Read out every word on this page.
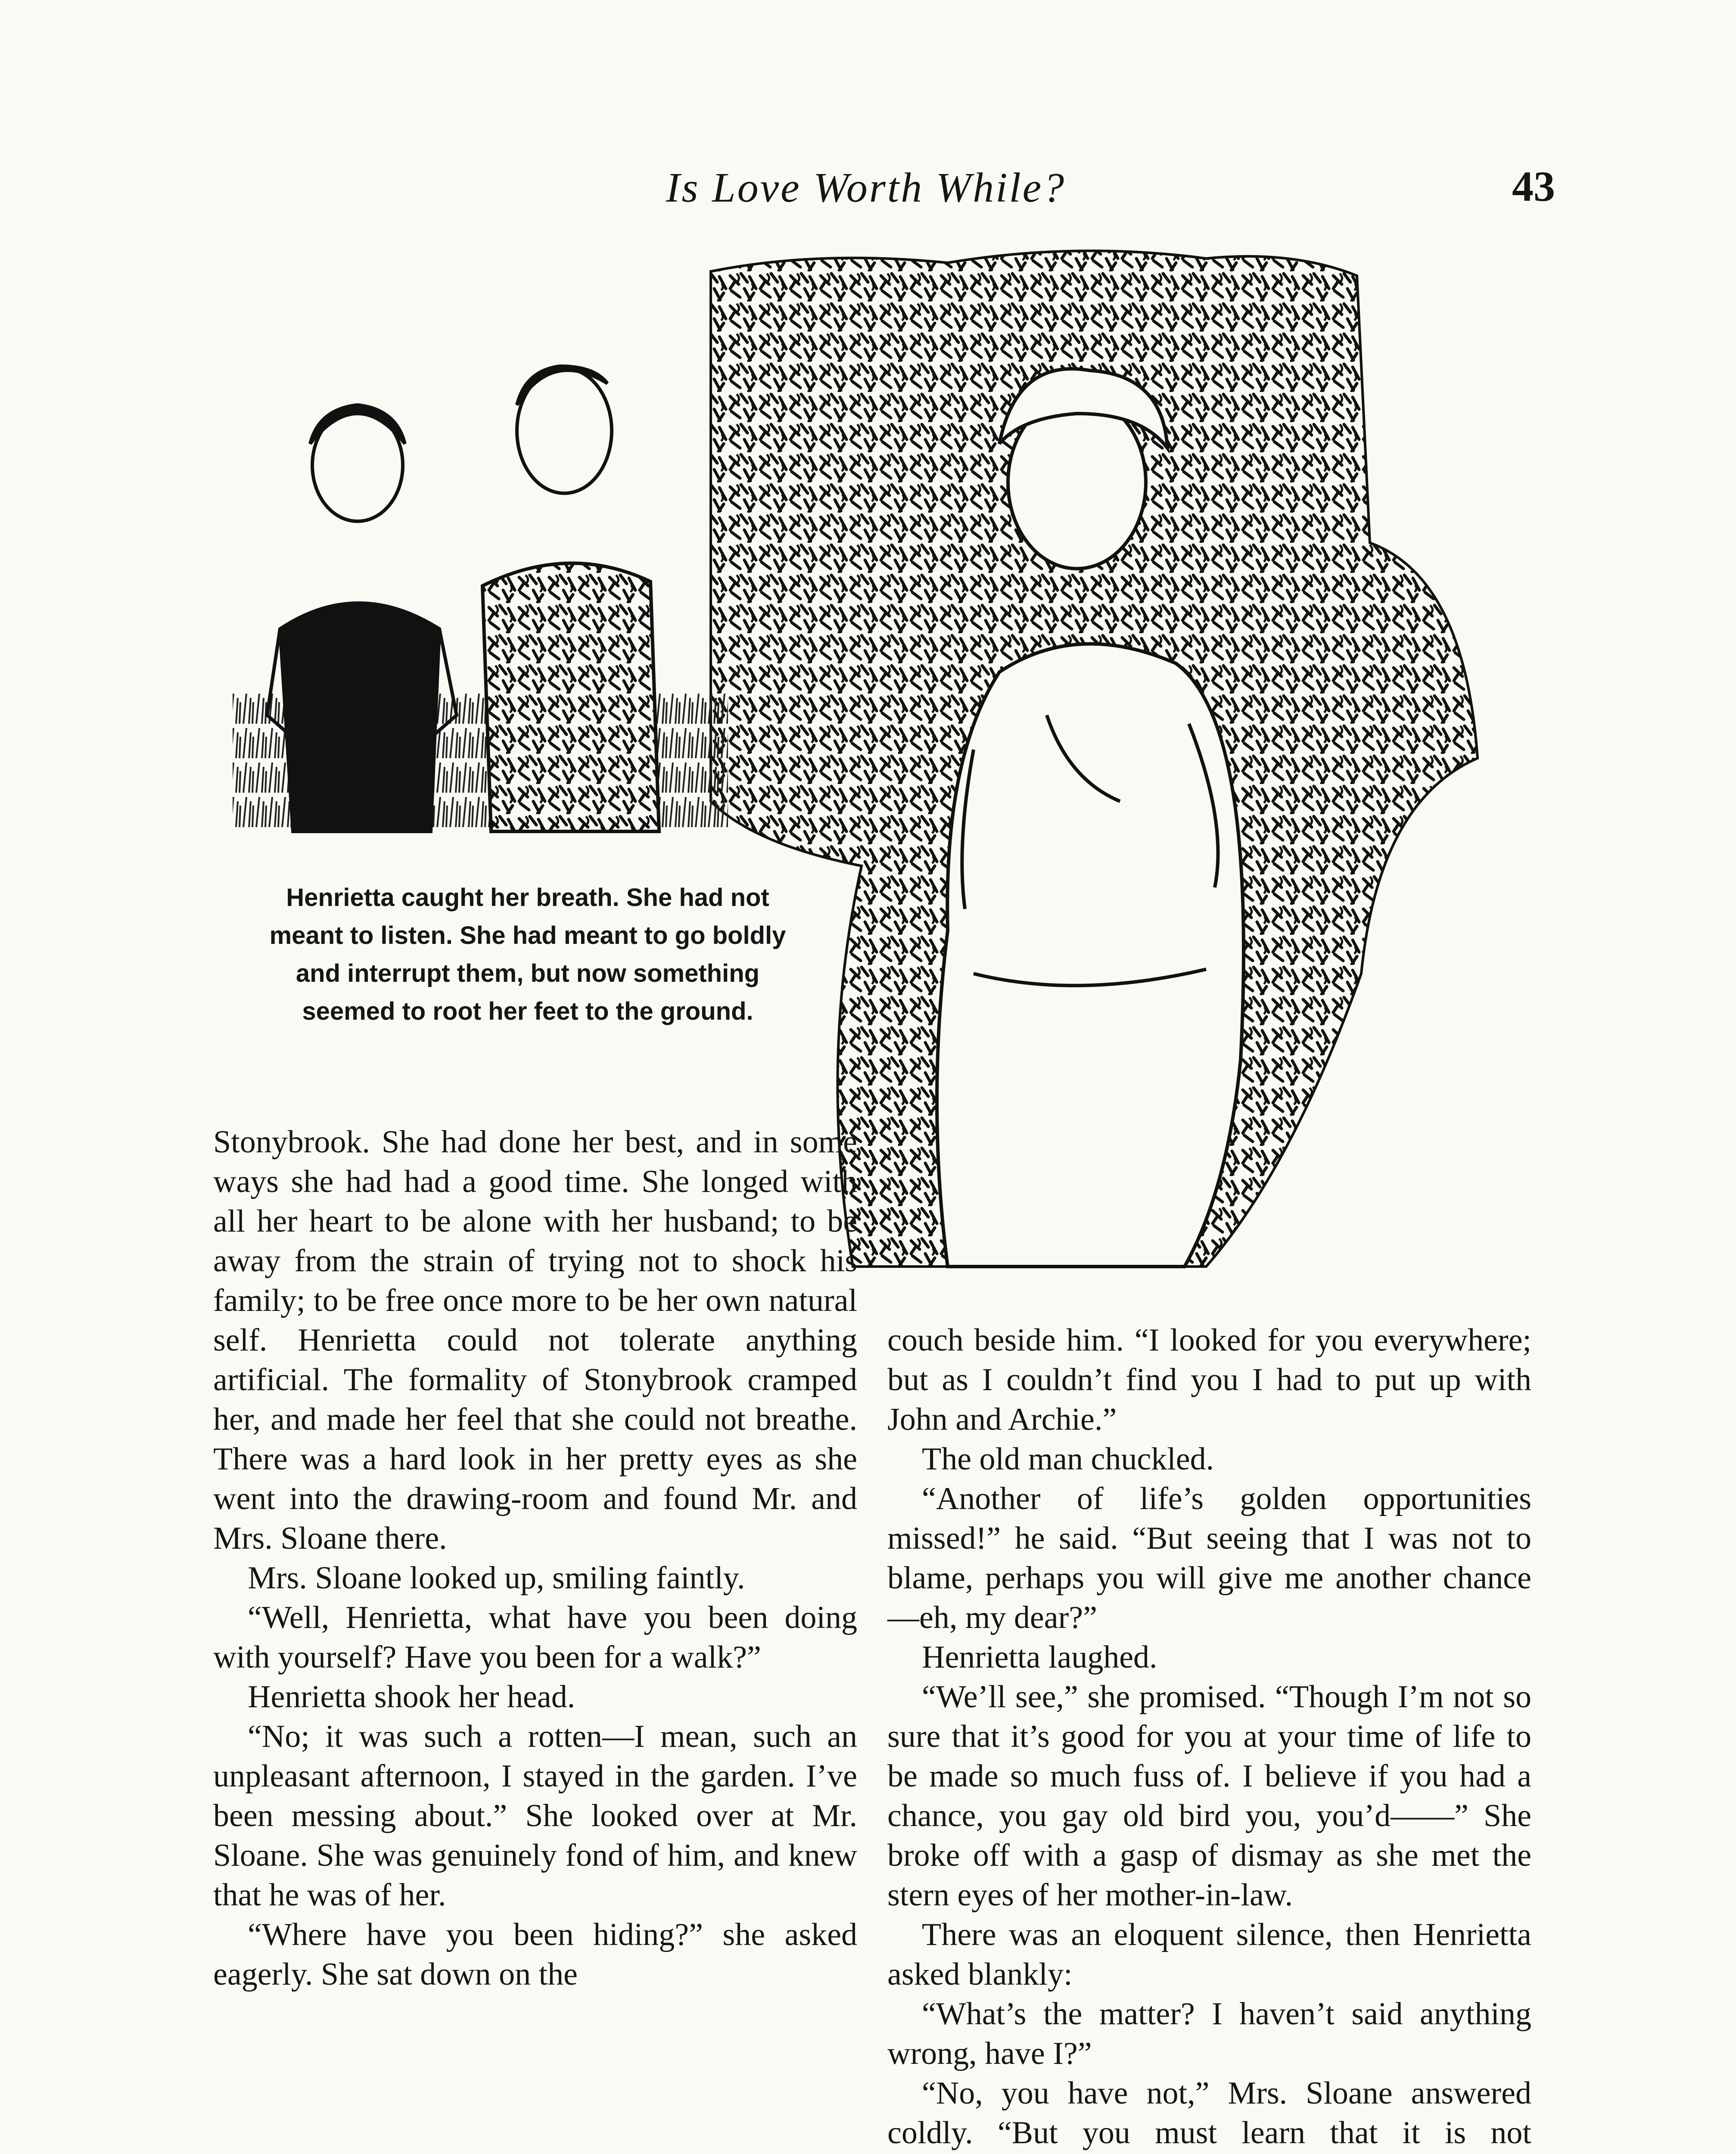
Is Love Worth While?	43
Henrietta caught her breath. She had not meant to listen. She had meant to go boldly and interrupt them, but now something seemed to root her feet to the ground.

Stonybrook. She had done her best, and in some ways she had had a good time. She longed with all her heart to be alone with her husband; to be away from the strain of trying not to shock his family; to be free once more to be her own natural self. Henrietta could not tolerate anything artificial. The formality of Stonybrook cramped her, and made her feel that she could not breathe. There was a hard look in her pretty eyes as she went into the drawing-room and found Mr. and Mrs. Sloane there.

Mrs. Sloane looked up, smiling faintly.

“Well, Henrietta, what have you been doing with yourself? Have you been for a walk?”

Henrietta shook her head.

“No; it was such a rotten—I mean, such an unpleasant afternoon, I stayed in the garden. I’ve been messing about.” She looked over at Mr. Sloane. She was genuinely fond of him, and knew that he was of her.

“Where have you been hiding?” she asked eagerly. She sat down on the

couch beside him. “I looked for you everywhere; but as I couldn’t find you I had to put up with John and Archie.”

The old man chuckled.

“Another of life’s golden opportunities missed!” he said. “But seeing that I was not to blame, perhaps you will give me another chance—eh, my dear?”

Henrietta laughed.

“We’ll see,” she promised. “Though I’m not so sure that it’s good for you at your time of life to be made so much fuss of. I believe if you had a chance, you gay old bird you, you’d——” She broke off with a gasp of dismay as she met the stern eyes of her mother-in-law.

There was an eloquent silence, then Henrietta asked blankly:

“What’s the matter? I haven’t said anything wrong, have I?”

“No, you have not,” Mrs. Sloane answered coldly. “But you must learn that it is not
